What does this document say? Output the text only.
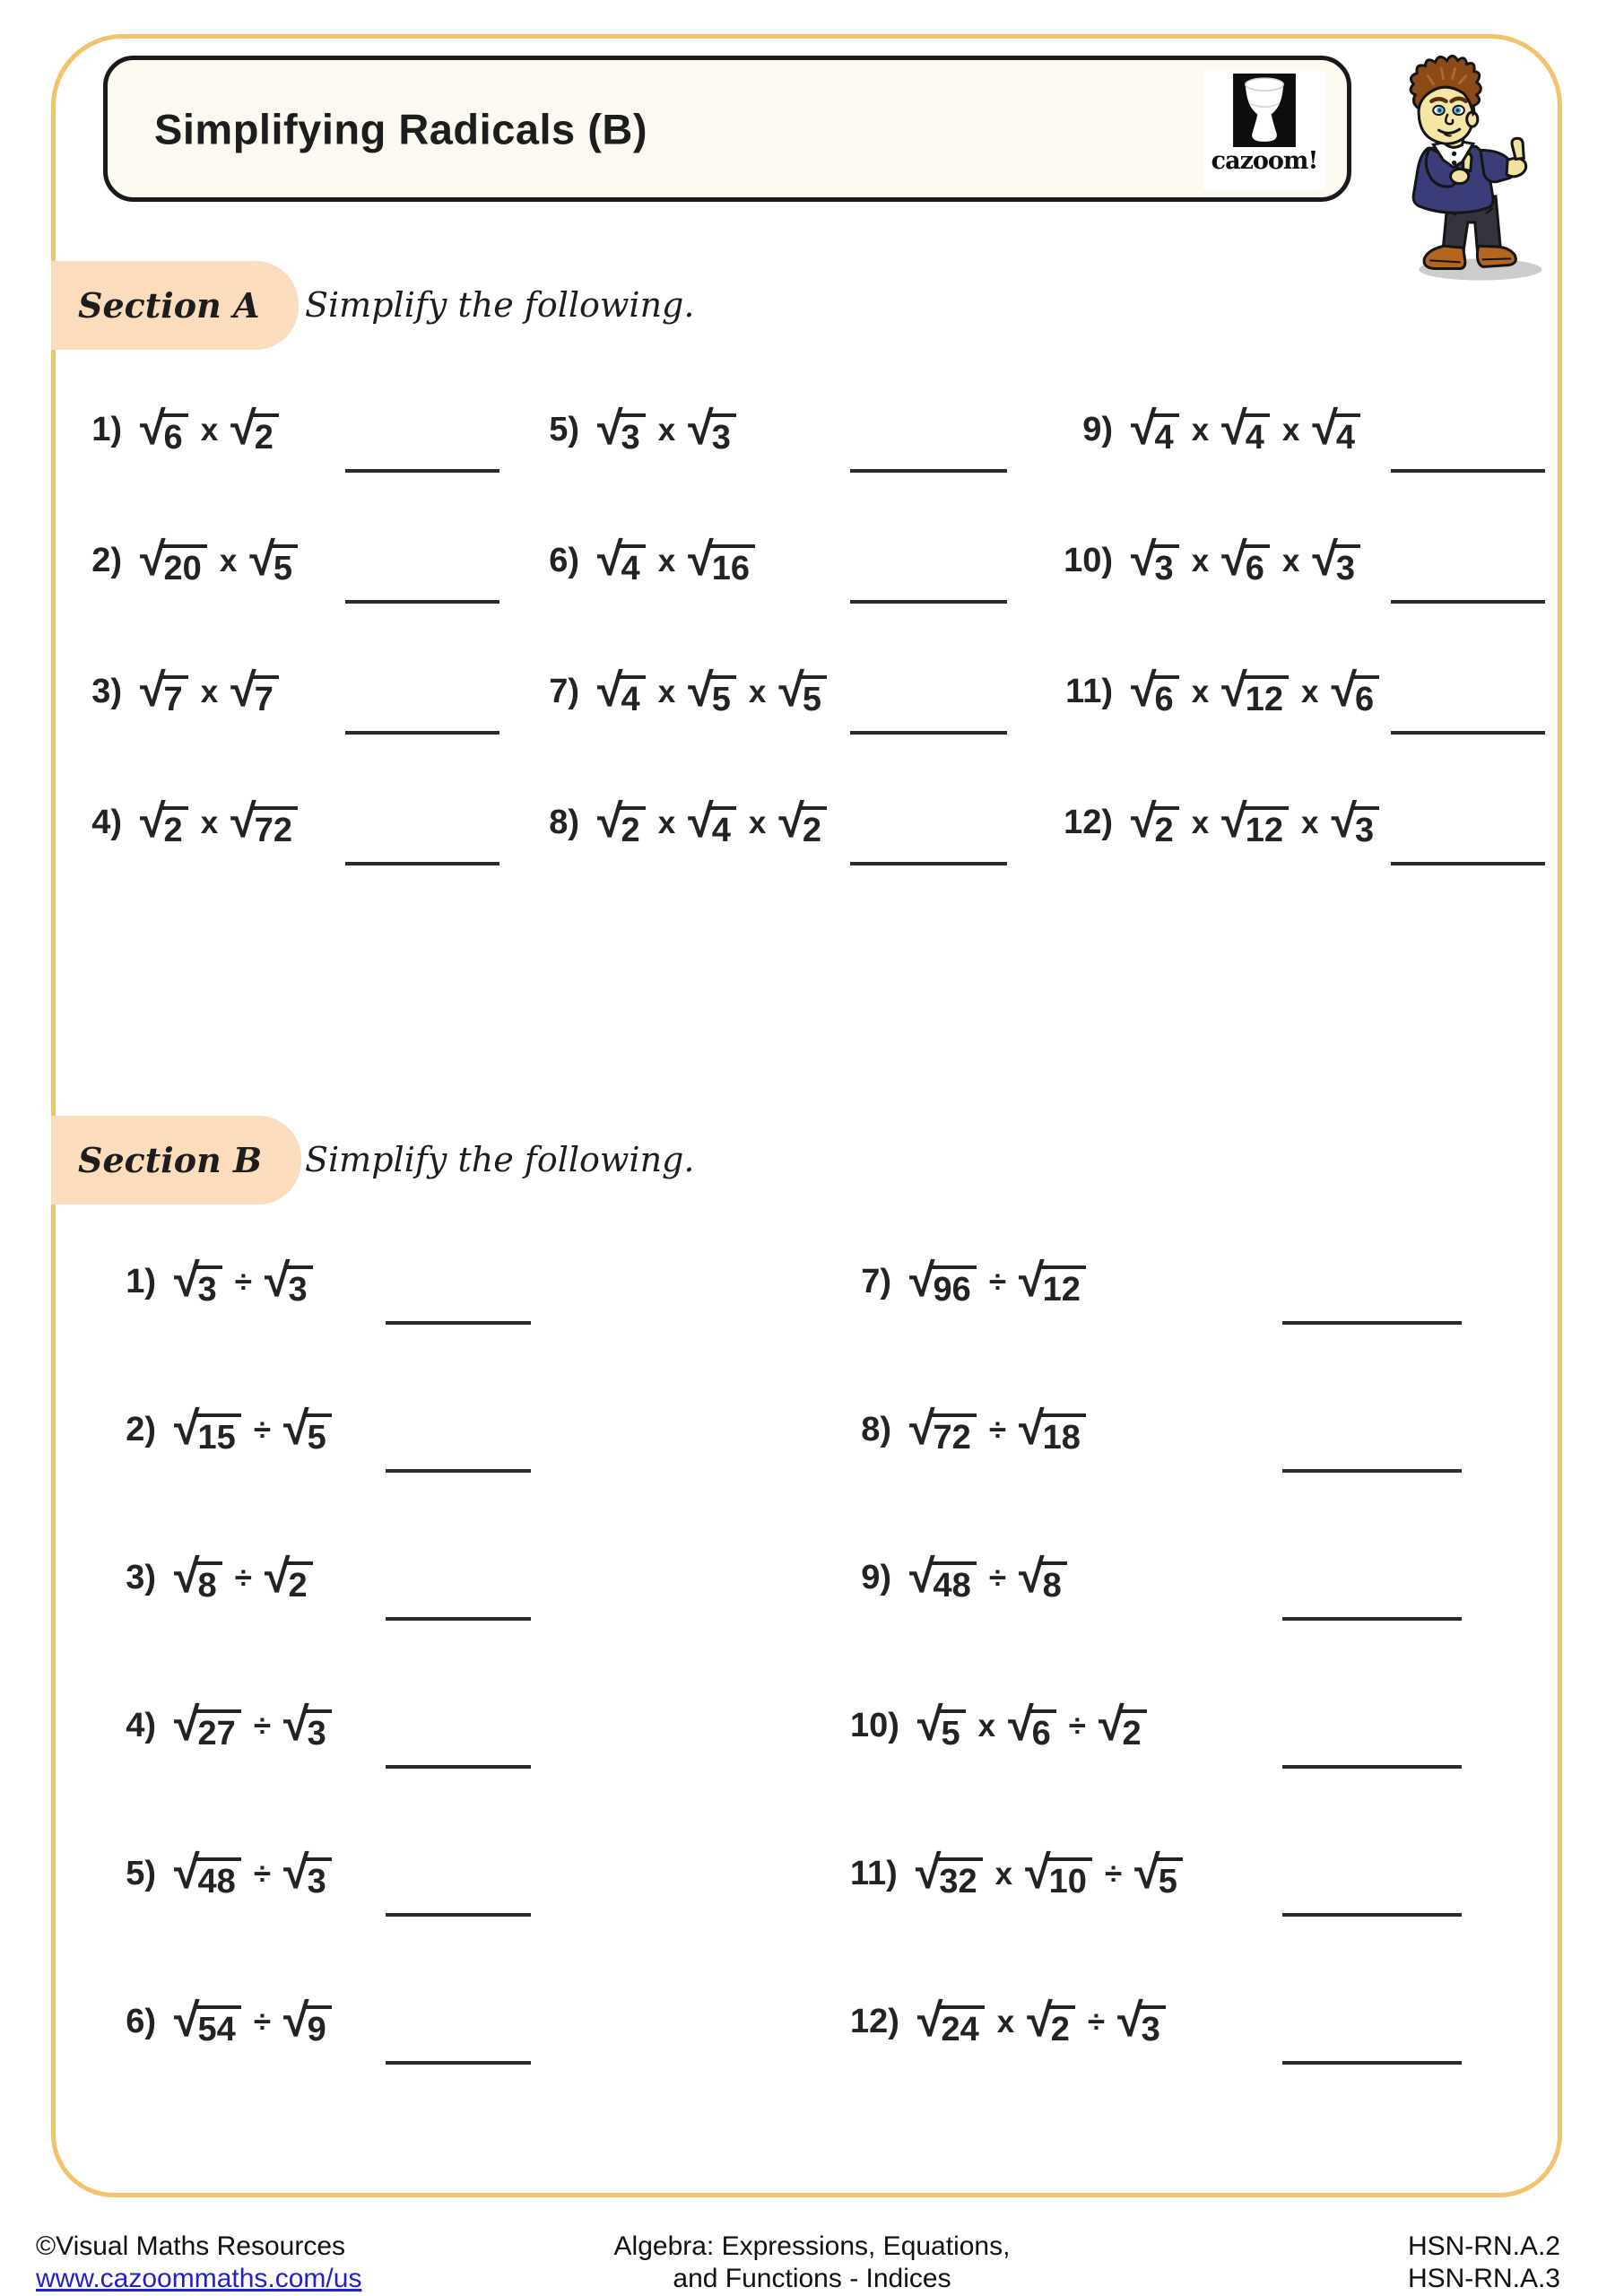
Simplifying Radicals (B)
cazoom!
Section A Simplify the following.
1) √
6 x √
2
2) √
20 x √
5
3) √
7 x √
7
4) √
2 x √
72
5) √
3 x √
3
6) √
4 x √
16
7) √
4 x √
5 x √
5
8) √
2 x √
4 x √
2
9) √
4 x √
4 x √
4
10) √
3 x √
6 x √
3
11) √
6 x √
12 x √
6
12) √
2 x √
12 x √
3
Section B Simplify the following.
1) √
3 ÷ √
3
2) √
15 ÷ √
5
3) √
8 ÷ √
2
4) √
27 ÷ √
3
5) √
48 ÷ √
3
6) √
54 ÷ √
9
7) √
96 ÷ √
12
8) √
72 ÷ √
18
9) √
48 ÷ √
8
10) √
5 x √
6 ÷ √
2
11) √
32 x √
10 ÷ √
5
12) √
24 x √
2 ÷ √
3
©Visual Maths Resources
www.cazoommaths.com/us
Algebra: Expressions, Equations,
and Functions - Indices
HSN-RN.A.2
HSN-RN.A.3
